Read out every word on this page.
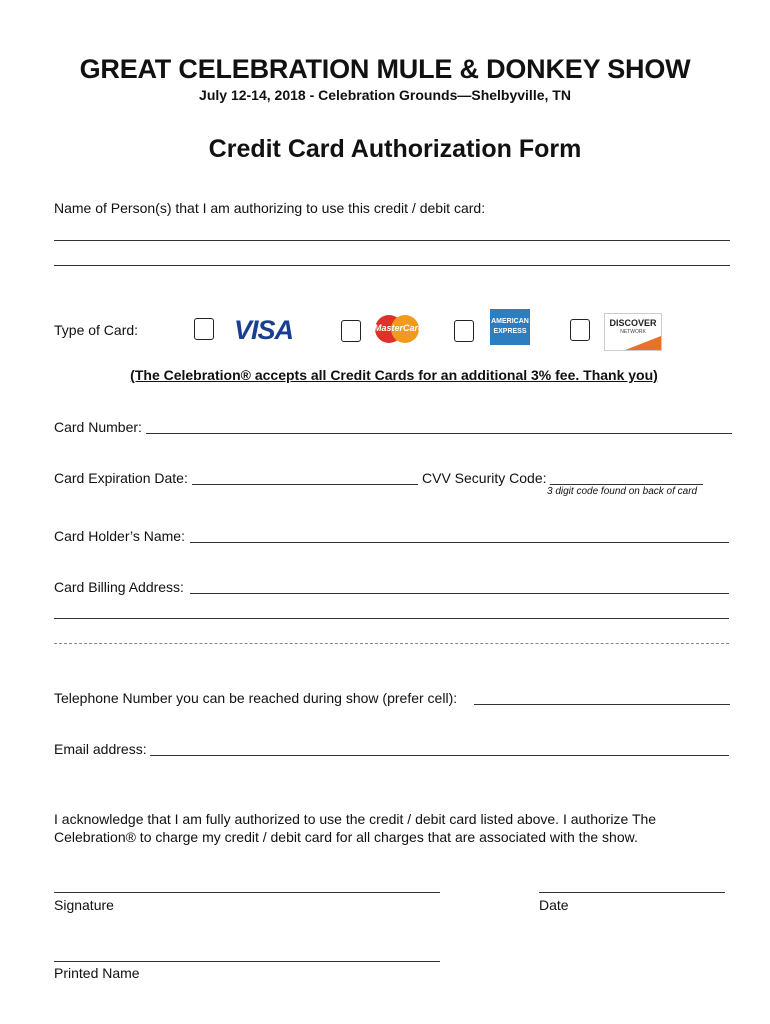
GREAT CELEBRATION MULE & DONKEY SHOW
July 12-14, 2018 - Celebration Grounds—Shelbyville, TN
Credit Card Authorization Form
Name of Person(s) that I am authorizing to use this credit / debit card:
Type of Card:	VISA	MasterCard
AMERICAN
EXPRESS
DISCOVER
NETWORK
(The Celebration® accepts all Credit Cards for an additional 3% fee. Thank you)
Card Number:
Card Expiration Date:	CVV Security Code:
3 digit code found on back of card
Card Holder’s Name:
Card Billing Address:
Telephone Number you can be reached during show (prefer cell):
Email address:
I acknowledge that I am fully authorized to use the credit / debit card listed above. I authorize The Celebration® to charge my credit / debit card for all charges that are associated with the show.
Signature	Date
Printed Name
